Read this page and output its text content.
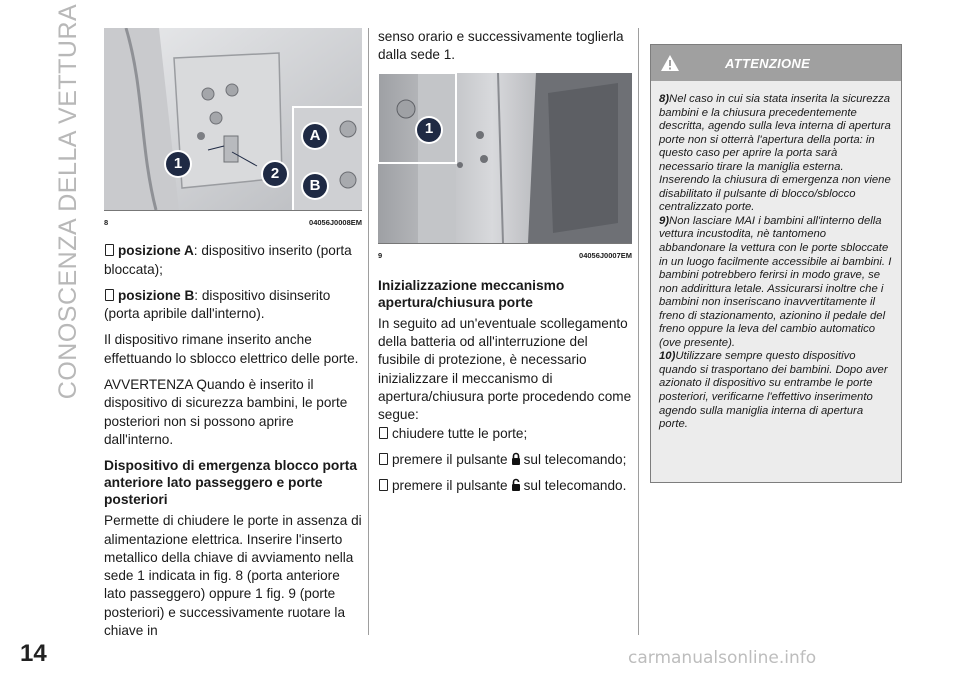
CONOSCENZA DELLA VETTURA	1
2
A
B
8	04056J0008EM

posizione A: dispositivo inserito (porta bloccata);

posizione B: dispositivo disinserito (porta apribile dall'interno).

Il dispositivo rimane inserito anche effettuando lo sblocco elettrico delle porte.

AVVERTENZA Quando è inserito il dispositivo di sicurezza bambini, le porte posteriori non si possono aprire dall'interno.

Dispositivo di emergenza blocco porta anteriore lato passeggero e porte posteriori

Permette di chiudere le porte in assenza di alimentazione elettrica. Inserire l'inserto metallico della chiave di avviamento nella sede 1 indicata in fig. 8 (porta anteriore lato passeggero) oppure 1 fig. 9 (porte posteriori) e successivamente ruotare la chiave in

senso orario e successivamente toglierla dalla sede 1.

1
9	04056J0007EM
Inizializzazione meccanismo apertura/chiusura porte

In seguito ad un'eventuale scollegamento della batteria od all'interruzione del fusibile di protezione, è necessario inizializzare il meccanismo di apertura/chiusura porte procedendo come segue:

chiudere tutte le porte;

premere il pulsante sul telecomando;

premere il pulsante sul telecomando.

ATTENZIONE

8)Nel caso in cui sia stata inserita la sicurezza bambini e la chiusura precedentemente descritta, agendo sulla leva interna di apertura porte non si otterrà l'apertura della porta: in questo caso per aprire la porta sarà necessario tirare la maniglia esterna. Inserendo la chiusura di emergenza non viene disabilitato il pulsante di blocco/sblocco centralizzato porte.

9)Non lasciare MAI i bambini all'interno della vettura incustodita, nè tantomeno abbandonare la vettura con le porte sbloccate in un luogo facilmente accessibile ai bambini. I bambini potrebbero ferirsi in modo grave, se non addirittura letale. Assicurarsi inoltre che i bambini non inseriscano inavvertitamente il freno di stazionamento, azionino il pedale del freno oppure la leva del cambio automatico (ove presente).

10)Utilizzare sempre questo dispositivo quando si trasportano dei bambini. Dopo aver azionato il dispositivo su entrambe le porte posteriori, verificarne l'effettivo inserimento agendo sulla maniglia interna di apertura porte.

14	carmanualsonline.info
